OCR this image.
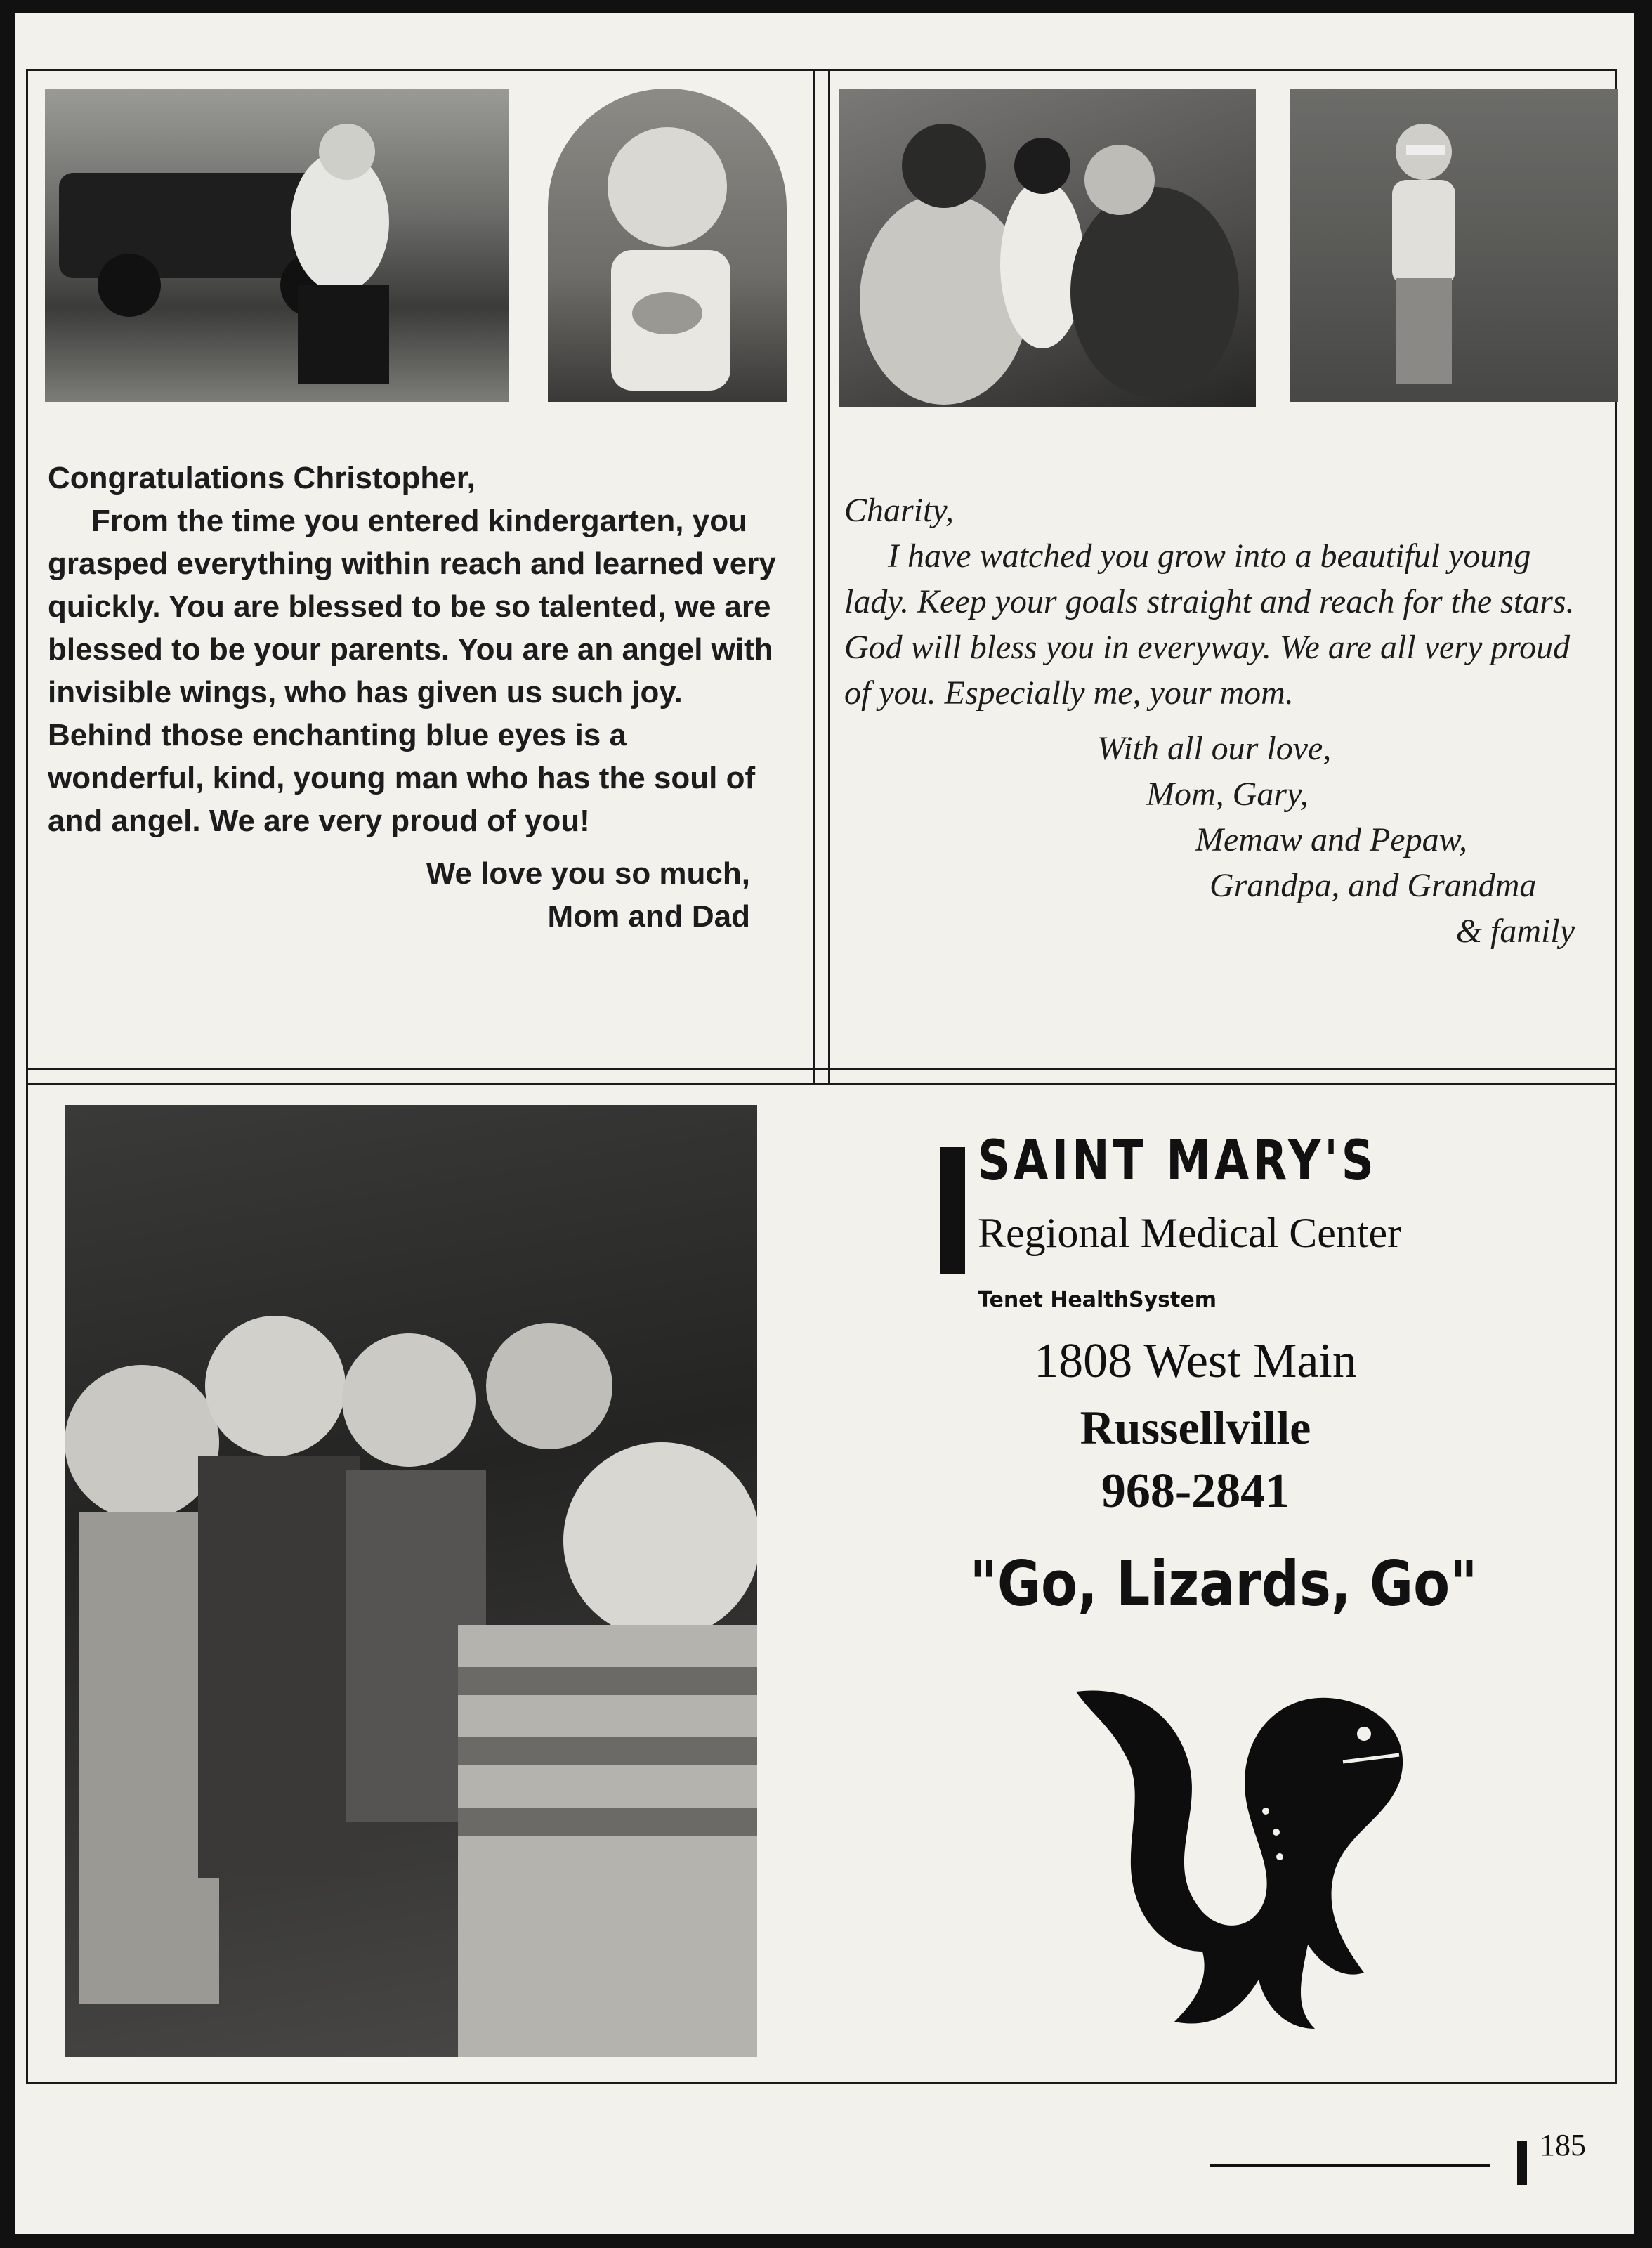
Congratulations Christopher,

From the time you entered kindergarten, you grasped everything within reach and learned very quickly. You are blessed to be so talented, we are blessed to be your parents. You are an angel with invisible wings, who has given us such joy. Behind those enchanting blue eyes is a wonderful, kind, young man who has the soul of and angel. We are very proud of you!

We love you so much,

Mom and Dad

Charity,

I have watched you grow into a beautiful young lady. Keep your goals straight and reach for the stars. God will bless you in everyway. We are all very proud of you. Especially me, your mom.

With all our love,

Mom, Gary,

Memaw and Pepaw,

Grandpa, and Grandma

& family

SAINT MARY'S
Regional Medical Center
Tenet HealthSystem
1808 West Main
Russellville
968-2841
"Go, Lizards, Go"
185
